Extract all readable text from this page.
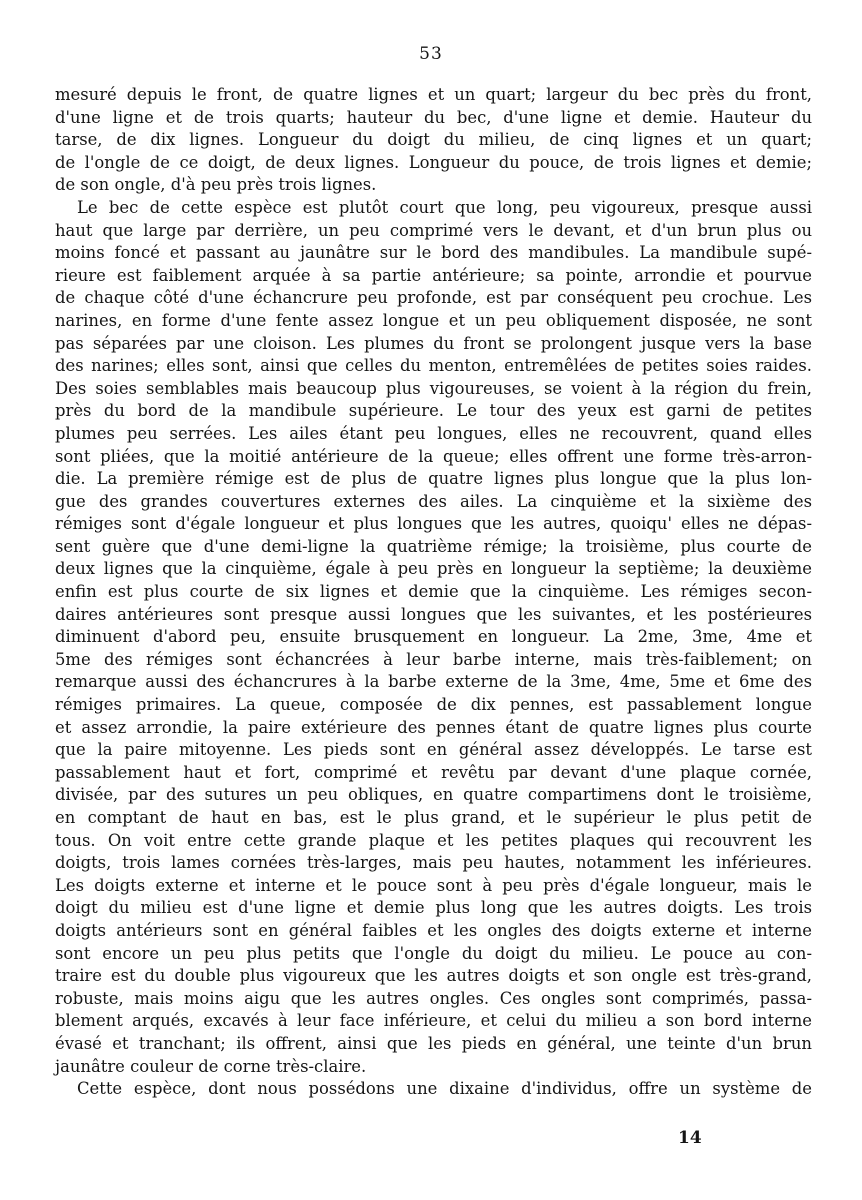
53
mesuré depuis le front, de quatre lignes et un quart; largeur du bec près du front,
d'une ligne et de trois quarts; hauteur du bec, d'une ligne et demie. Hauteur du
tarse, de dix lignes. Longueur du doigt du milieu, de cinq lignes et un quart;
de l'ongle de ce doigt, de deux lignes. Longueur du pouce, de trois lignes et demie;
de son ongle, d'à peu près trois lignes.
Le bec de cette espèce est plutôt court que long, peu vigoureux, presque aussi
haut que large par derrière, un peu comprimé vers le devant, et d'un brun plus ou
moins foncé et passant au jaunâtre sur le bord des mandibules. La mandibule supé-
rieure est faiblement arquée à sa partie antérieure; sa pointe, arrondie et pourvue
de chaque côté d'une échancrure peu profonde, est par conséquent peu crochue. Les
narines, en forme d'une fente assez longue et un peu obliquement disposée, ne sont
pas séparées par une cloison. Les plumes du front se prolongent jusque vers la base
des narines; elles sont, ainsi que celles du menton, entremêlées de petites soies raides.
Des soies semblables mais beaucoup plus vigoureuses, se voient à la région du frein,
près du bord de la mandibule supérieure. Le tour des yeux est garni de petites
plumes peu serrées. Les ailes étant peu longues, elles ne recouvrent, quand elles
sont pliées, que la moitié antérieure de la queue; elles offrent une forme très-arron-
die. La première rémige est de plus de quatre lignes plus longue que la plus lon-
gue des grandes couvertures externes des ailes. La cinquième et la sixième des
rémiges sont d'égale longueur et plus longues que les autres, quoiqu' elles ne dépas-
sent guère que d'une demi-ligne la quatrième rémige; la troisième, plus courte de
deux lignes que la cinquième, égale à peu près en longueur la septième; la deuxième
enfin est plus courte de six lignes et demie que la cinquième. Les rémiges secon-
daires antérieures sont presque aussi longues que les suivantes, et les postérieures
diminuent d'abord peu, ensuite brusquement en longueur. La 2me, 3me, 4me et
5me des rémiges sont échancrées à leur barbe interne, mais très-faiblement; on
remarque aussi des échancrures à la barbe externe de la 3me, 4me, 5me et 6me des
rémiges primaires. La queue, composée de dix pennes, est passablement longue
et assez arrondie, la paire extérieure des pennes étant de quatre lignes plus courte
que la paire mitoyenne. Les pieds sont en général assez développés. Le tarse est
passablement haut et fort, comprimé et revêtu par devant d'une plaque cornée,
divisée, par des sutures un peu obliques, en quatre compartimens dont le troisième,
en comptant de haut en bas, est le plus grand, et le supérieur le plus petit de
tous. On voit entre cette grande plaque et les petites plaques qui recouvrent les
doigts, trois lames cornées très-larges, mais peu hautes, notamment les inférieures.
Les doigts externe et interne et le pouce sont à peu près d'égale longueur, mais le
doigt du milieu est d'une ligne et demie plus long que les autres doigts. Les trois
doigts antérieurs sont en général faibles et les ongles des doigts externe et interne
sont encore un peu plus petits que l'ongle du doigt du milieu. Le pouce au con-
traire est du double plus vigoureux que les autres doigts et son ongle est très-grand,
robuste, mais moins aigu que les autres ongles. Ces ongles sont comprimés, passa-
blement arqués, excavés à leur face inférieure, et celui du milieu a son bord interne
évasé et tranchant; ils offrent, ainsi que les pieds en général, une teinte d'un brun
jaunâtre couleur de corne très-claire.
Cette espèce, dont nous possédons une dixaine d'individus, offre un système de
14
